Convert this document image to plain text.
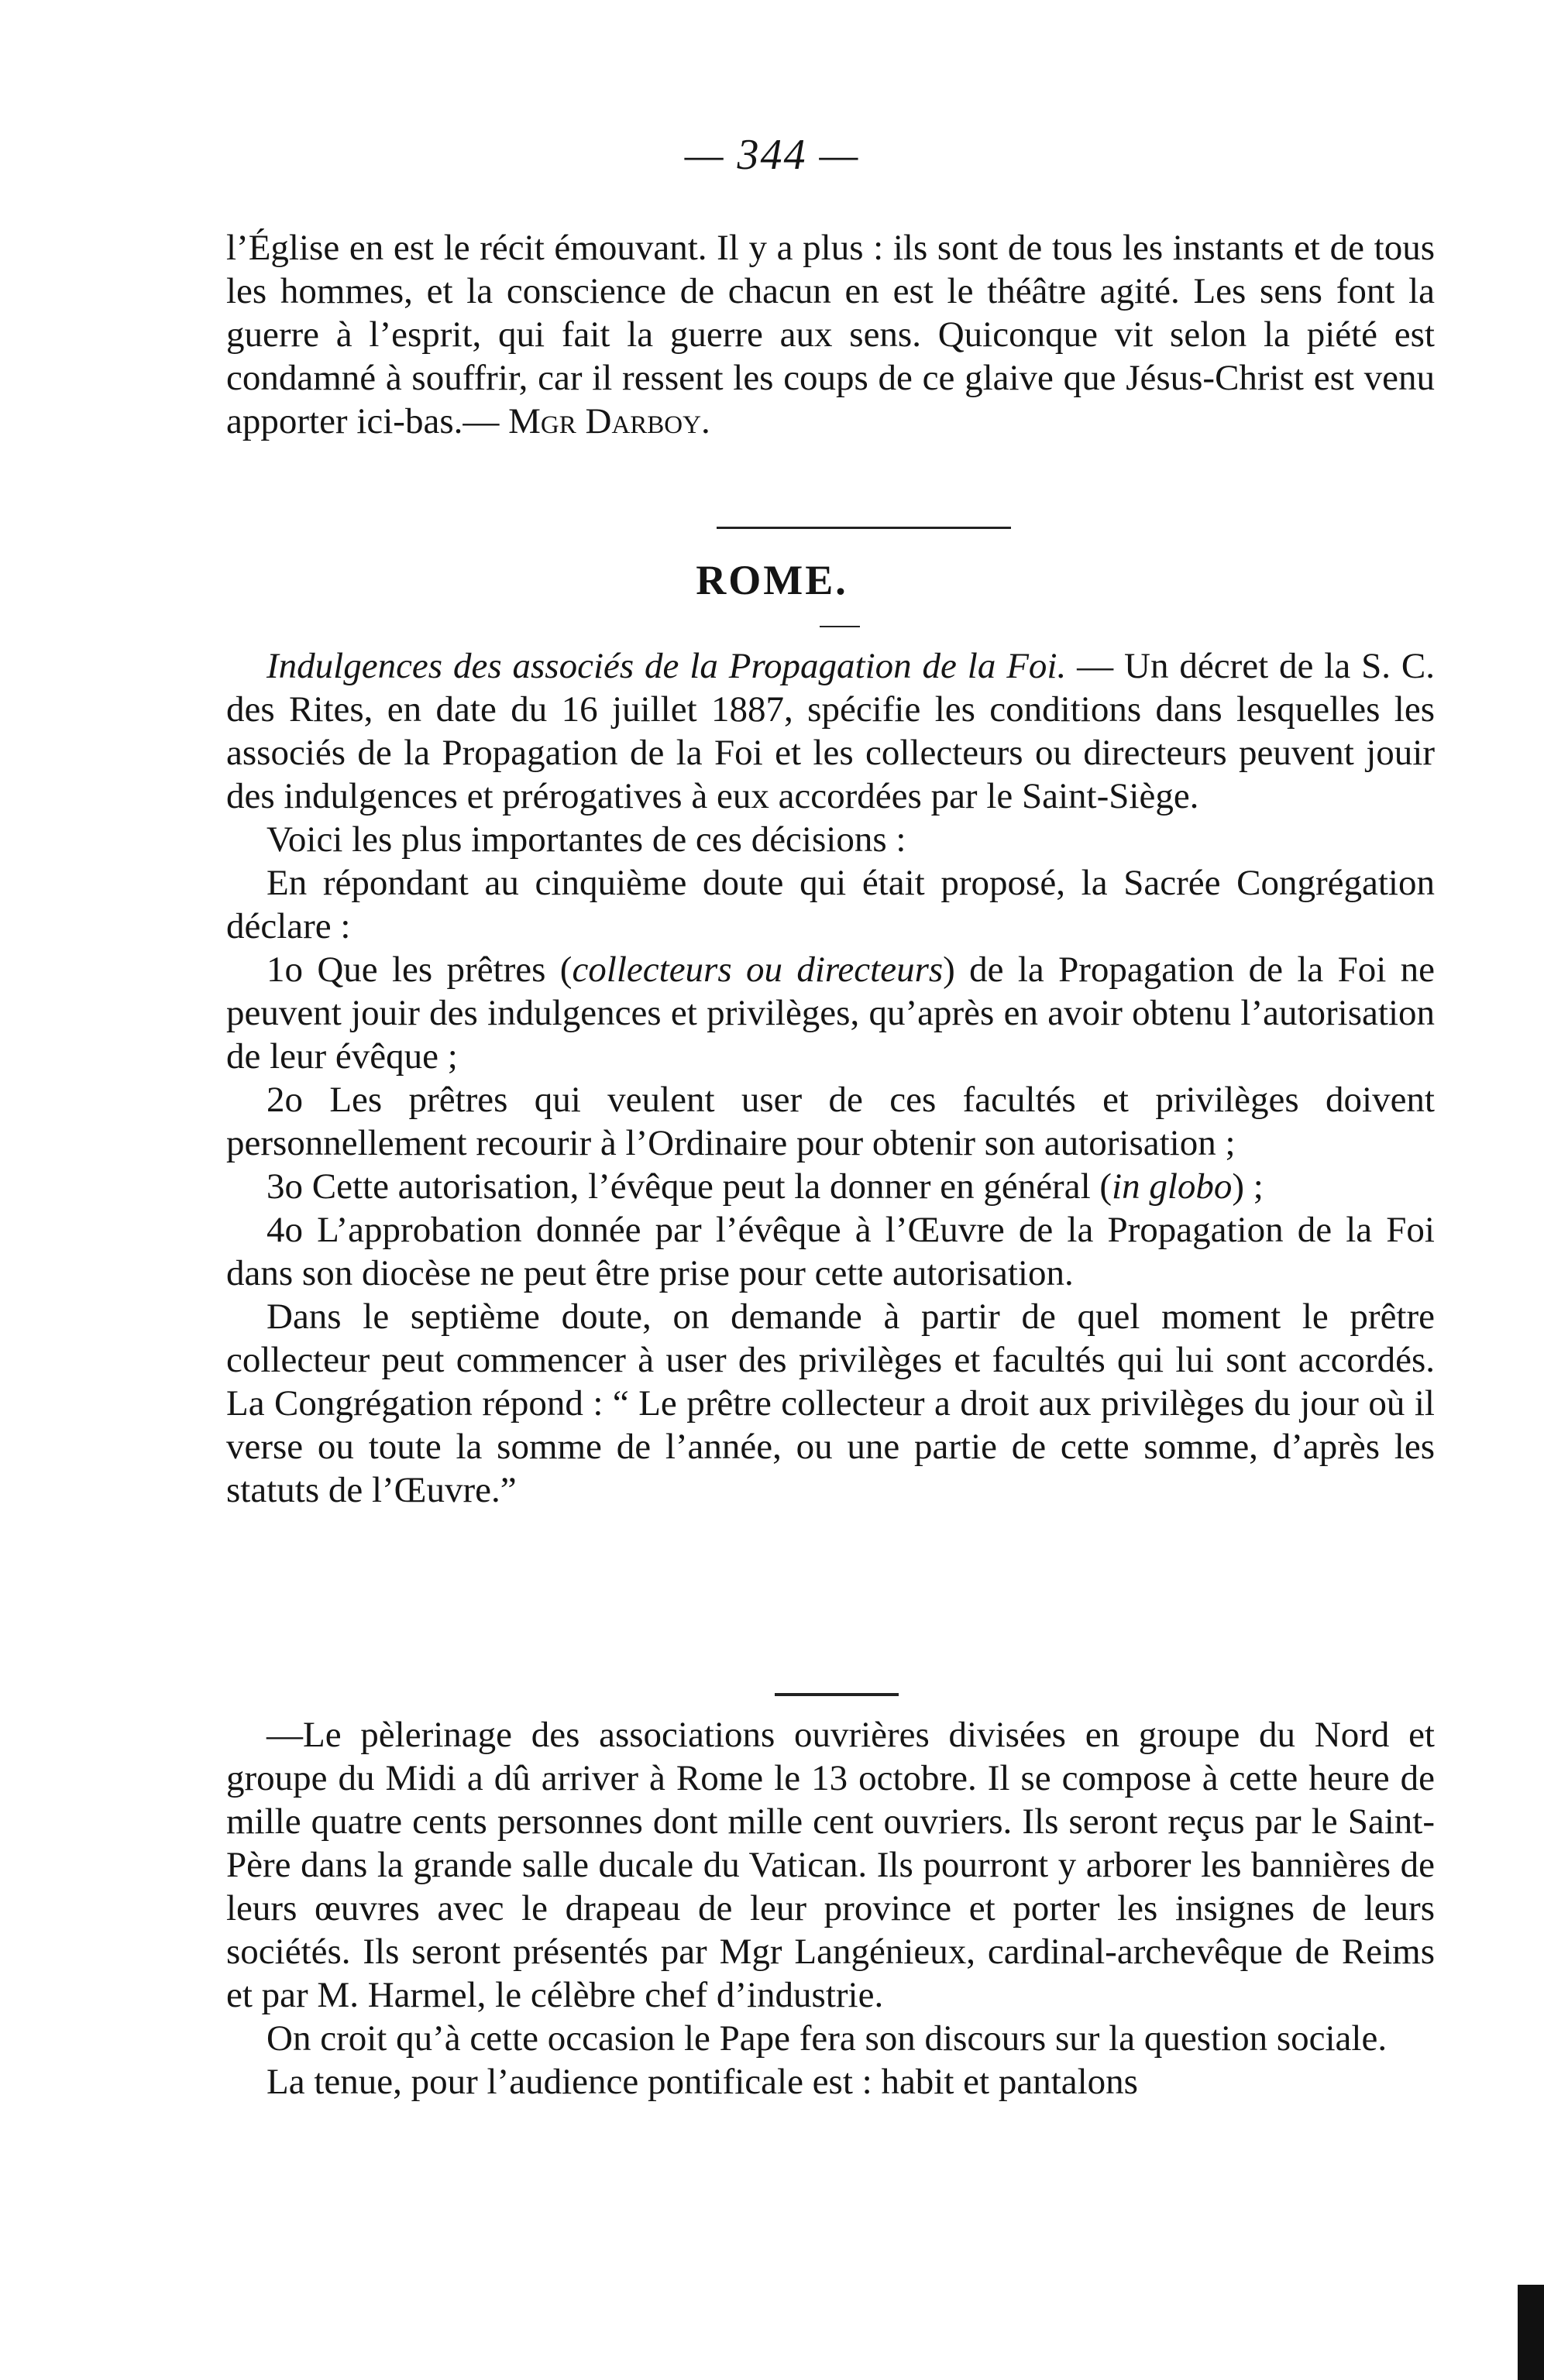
— 344 —

l’Église en est le récit émouvant. Il y a plus : ils sont de tous les instants et de tous les hommes, et la conscience de chacun en est le théâtre agité. Les sens font la guerre à l’esprit, qui fait la guerre aux sens. Quiconque vit selon la piété est condamné à souffrir, car il ressent les coups de ce glaive que Jésus-Christ est venu apporter ici-bas.— Mgr Darboy.

ROME.

Indulgences des associés de la Propagation de la Foi. — Un décret de la S. C. des Rites, en date du 16 juillet 1887, spécifie les conditions dans lesquelles les associés de la Propagation de la Foi et les collecteurs ou directeurs peuvent jouir des indulgences et prérogatives à eux accordées par le Saint-Siège.

Voici les plus importantes de ces décisions :

En répondant au cinquième doute qui était proposé, la Sacrée Congrégation déclare :

1o Que les prêtres (collecteurs ou directeurs) de la Propagation de la Foi ne peuvent jouir des indulgences et privilèges, qu’après en avoir obtenu l’autorisation de leur évêque ;

2o Les prêtres qui veulent user de ces facultés et privilèges doivent personnellement recourir à l’Ordinaire pour obtenir son autorisation ;

3o Cette autorisation, l’évêque peut la donner en général (in globo) ;

4o L’approbation donnée par l’évêque à l’Œuvre de la Propagation de la Foi dans son diocèse ne peut être prise pour cette autorisation.

Dans le septième doute, on demande à partir de quel moment le prêtre collecteur peut commencer à user des privilèges et facultés qui lui sont accordés. La Congrégation répond : “ Le prêtre collecteur a droit aux privilèges du jour où il verse ou toute la somme de l’année, ou une partie de cette somme, d’après les statuts de l’Œuvre.”

—Le pèlerinage des associations ouvrières divisées en groupe du Nord et groupe du Midi a dû arriver à Rome le 13 octobre. Il se compose à cette heure de mille quatre cents personnes dont mille cent ouvriers. Ils seront reçus par le Saint-Père dans la grande salle ducale du Vatican. Ils pourront y arborer les bannières de leurs œuvres avec le drapeau de leur province et porter les insignes de leurs sociétés. Ils seront présentés par Mgr Langénieux, cardinal-archevêque de Reims et par M. Harmel, le célèbre chef d’industrie.

On croit qu’à cette occasion le Pape fera son discours sur la question sociale.

La tenue, pour l’audience pontificale est : habit et pantalons
